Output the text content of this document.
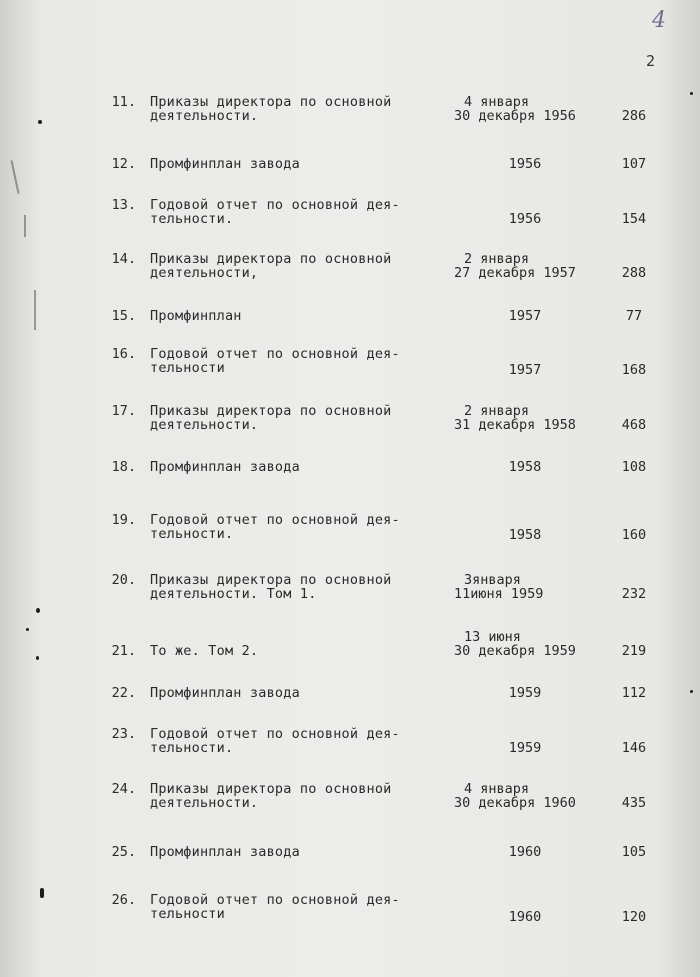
4
2
11. Приказы директора по основной
деятельности.
4 января
30 декабря 1956	286
12. Промфинплан завода	1956	107
13. Годовой отчет по основной дея-
тельности.	1956	154
14. Приказы директора по основной
деятельности,
2 января
27 декабря 1957	288
15. Промфинплан	1957	77
16. Годовой отчет по основной дея-
тельности	1957	168
17. Приказы директора по основной
деятельности.
2 января
31 декабря 1958	468
18. Промфинплан завода	1958	108
19. Годовой отчет по основной дея-
тельности.	1958	160
20. Приказы директора по основной
деятельности. Том 1.
3января
11июня 1959	232
21. То же. Том 2.
13 июня
30 декабря 1959	219
22. Промфинплан завода	1959	112
23. Годовой отчет по основной дея-
тельности.	1959	146
24. Приказы директора по основной
деятельности.
4 января
30 декабря 1960	435
25. Промфинплан завода	1960	105
26. Годовой отчет по основной дея-
тельности	1960	120
